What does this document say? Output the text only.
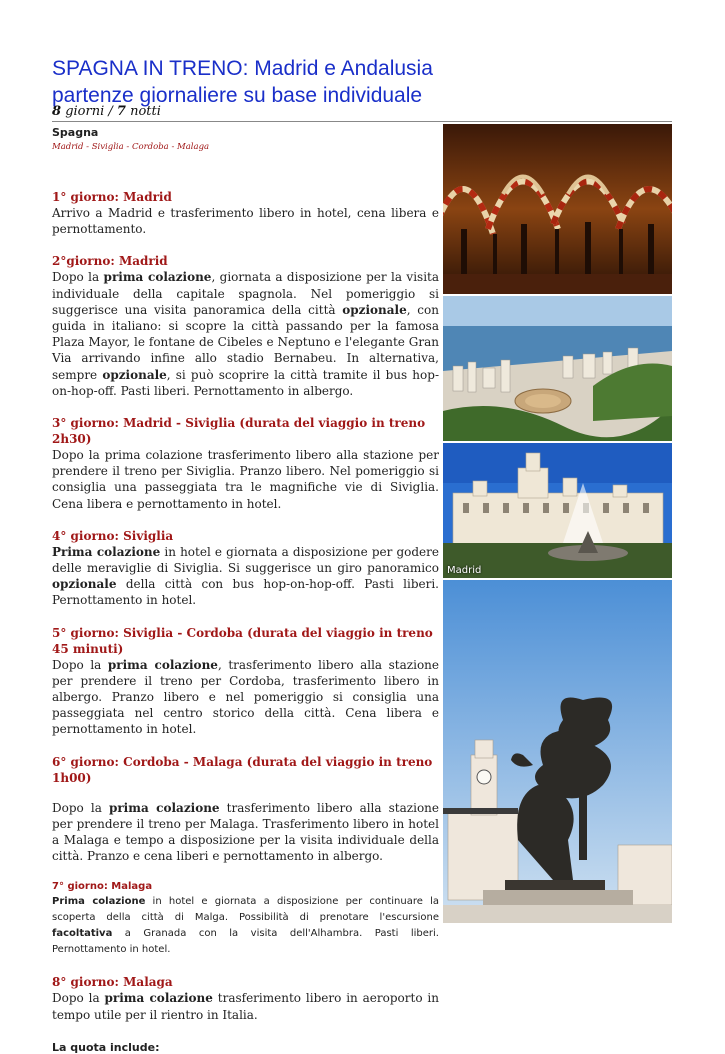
SPAGNA IN TRENO: Madrid e Andalusia
partenze giornaliere su base individuale
8 giorni / 7 notti

Spagna

Madrid - Siviglia - Cordoba - Malaga

1° giorno: Madrid

Arrivo a Madrid e trasferimento libero in hotel, cena libera e pernottamento.

2°giorno: Madrid

Dopo la prima colazione, giornata a disposizione per la visita individuale della capitale spagnola. Nel pomeriggio si suggerisce una visita panoramica della città opzionale, con guida in italiano: si scopre la città passando per la famosa Plaza Mayor, le fontane de Cibeles e Neptuno e l'elegante Gran Via arrivando infine allo stadio Bernabeu. In alternativa, sempre opzionale, si può scoprire la città tramite il bus hop-on-hop-off. Pasti liberi. Pernottamento in albergo.

3° giorno: Madrid - Siviglia (durata del viaggio in treno 2h30)

Dopo la prima colazione trasferimento libero alla stazione per prendere il treno per Siviglia. Pranzo libero. Nel pomeriggio si consiglia una passeggiata tra le magnifiche vie di Siviglia. Cena libera e pernottamento in hotel.

4° giorno: Siviglia

Prima colazione in hotel e giornata a disposizione per godere delle meraviglie di Siviglia. Si suggerisce un giro panoramico opzionale della città con bus hop-on-hop-off. Pasti liberi. Pernottamento in hotel.

5° giorno: Siviglia - Cordoba (durata del viaggio in treno 45 minuti)

Dopo la prima colazione, trasferimento libero alla stazione per prendere il treno per Cordoba, trasferimento libero in albergo. Pranzo libero e nel pomeriggio si consiglia una passeggiata nel centro storico della città. Cena libera e pernottamento in hotel.

6° giorno: Cordoba - Malaga (durata del viaggio in treno 1h00)

Dopo la prima colazione trasferimento libero alla stazione per prendere il treno per Malaga. Trasferimento libero in hotel a Malaga e tempo a disposizione per la visita individuale della città. Pranzo e cena liberi e pernottamento in albergo.

7° giorno: Malaga

Prima colazione in hotel e giornata a disposizione per continuare la scoperta della città di Malga. Possibilità di prenotare l'escursione facoltativa a Granada con la visita dell'Alhambra. Pasti liberi. Pernottamento in hotel.

8° giorno: Malaga

Dopo la prima colazione trasferimento libero in aeroporto in tempo utile per il rientro in Italia.

La quota include:

Madrid
